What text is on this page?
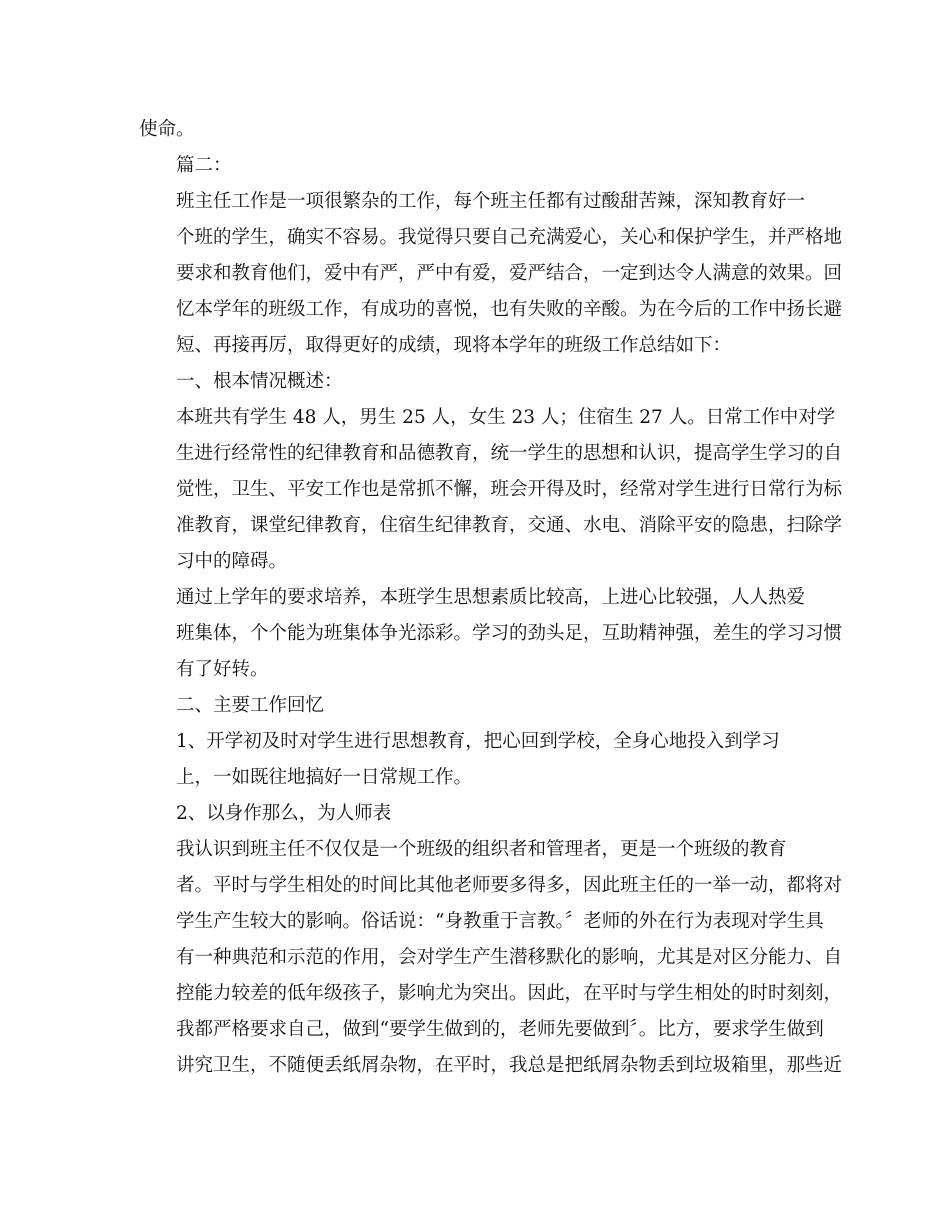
使命。

篇二：

班主任工作是一项很繁杂的工作，每个班主任都有过酸甜苦辣，深知教育好一
个班的学生，确实不容易。我觉得只要自己充满爱心，关心和保护学生，并严格地
要求和教育他们，爱中有严，严中有爱，爱严结合，一定到达令人满意的效果。回
忆本学年的班级工作，有成功的喜悦，也有失败的辛酸。为在今后的工作中扬长避
短、再接再厉，取得更好的成绩，现将本学年的班级工作总结如下：

一、根本情况概述：

本班共有学生 48 人，男生 25 人，女生 23 人；住宿生 27 人。日常工作中对学
生进行经常性的纪律教育和品德教育，统一学生的思想和认识，提高学生学习的自
觉性，卫生、平安工作也是常抓不懈，班会开得及时，经常对学生进行日常行为标
准教育，课堂纪律教育，住宿生纪律教育，交通、水电、消除平安的隐患，扫除学
习中的障碍。

通过上学年的要求培养，本班学生思想素质比较高，上进心比较强，人人热爱
班集体，个个能为班集体争光添彩。学习的劲头足，互助精神强，差生的学习习惯
有了好转。

二、主要工作回忆

1、开学初及时对学生进行思想教育，把心回到学校，全身心地投入到学习
上，一如既往地搞好一日常规工作。

2、以身作那么，为人师表

我认识到班主任不仅仅是一个班级的组织者和管理者，更是一个班级的教育
者。平时与学生相处的时间比其他老师要多得多，因此班主任的一举一动，都将对
学生产生较大的影响。俗话说：“身教重于言教。〞老师的外在行为表现对学生具
有一种典范和示范的作用，会对学生产生潜移默化的影响，尤其是对区分能力、自
控能力较差的低年级孩子，影响尤为突出。因此，在平时与学生相处的时时刻刻，
我都严格要求自己，做到“要学生做到的，老师先要做到〞。比方，要求学生做到
讲究卫生，不随便丢纸屑杂物，在平时，我总是把纸屑杂物丢到垃圾箱里，那些近
